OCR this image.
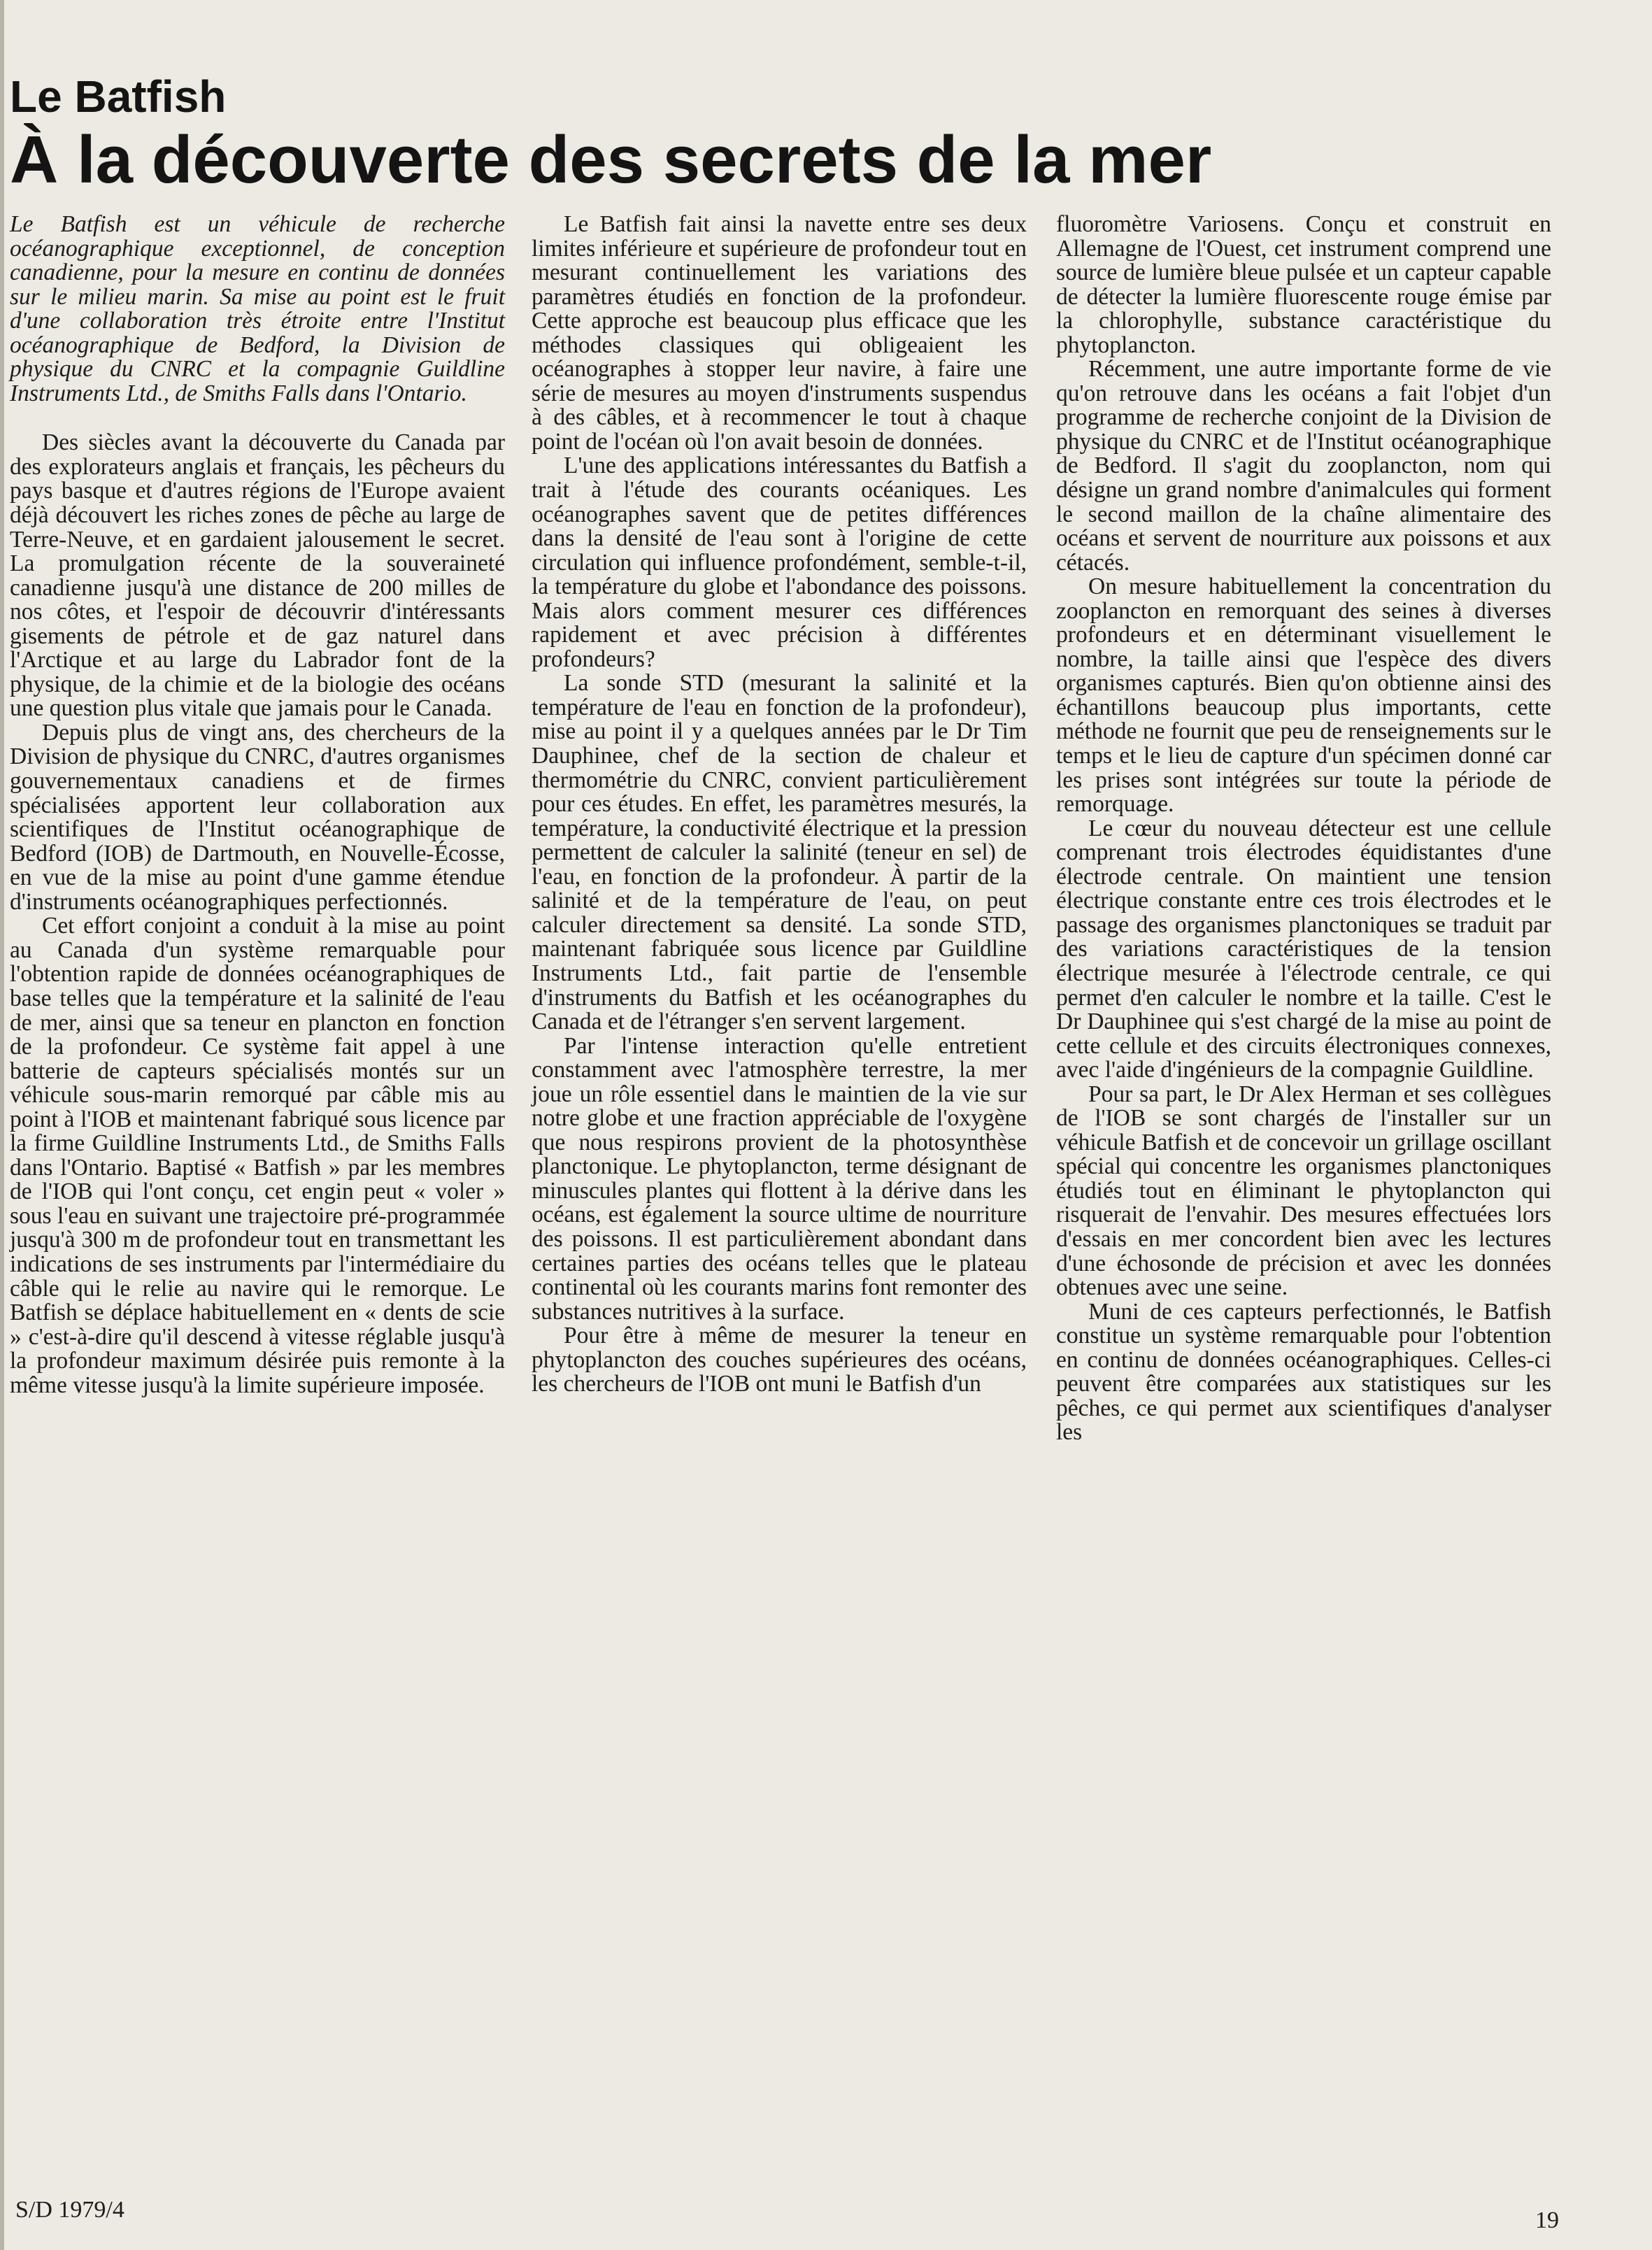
Le Batfish
À la découverte des secrets de la mer

Le Batfish est un véhicule de recherche océanographique exceptionnel, de conception canadienne, pour la mesure en continu de données sur le milieu marin. Sa mise au point est le fruit d'une collaboration très étroite entre l'Institut océanographique de Bedford, la Division de physique du CNRC et la compagnie Guildline Instruments Ltd., de Smiths Falls dans l'Ontario.

Des siècles avant la découverte du Canada par des explorateurs anglais et français, les pêcheurs du pays basque et d'autres régions de l'Europe avaient déjà découvert les riches zones de pêche au large de Terre-Neuve, et en gardaient jalousement le secret. La promulgation récente de la souveraineté canadienne jusqu'à une distance de 200 milles de nos côtes, et l'espoir de découvrir d'intéressants gisements de pétrole et de gaz naturel dans l'Arctique et au large du Labrador font de la physique, de la chimie et de la biologie des océans une question plus vitale que jamais pour le Canada.

Depuis plus de vingt ans, des chercheurs de la Division de physique du CNRC, d'autres organismes gouvernementaux canadiens et de firmes spécialisées apportent leur collaboration aux scientifiques de l'Institut océanographique de Bedford (IOB) de Dartmouth, en Nouvelle-Écosse, en vue de la mise au point d'une gamme étendue d'instruments océanographiques perfectionnés.

Cet effort conjoint a conduit à la mise au point au Canada d'un système remarquable pour l'obtention rapide de données océanographiques de base telles que la température et la salinité de l'eau de mer, ainsi que sa teneur en plancton en fonction de la profondeur. Ce système fait appel à une batterie de capteurs spécialisés montés sur un véhicule sous-marin remorqué par câble mis au point à l'IOB et maintenant fabriqué sous licence par la firme Guildline Instruments Ltd., de Smiths Falls dans l'Ontario. Baptisé « Batfish » par les membres de l'IOB qui l'ont conçu, cet engin peut « voler » sous l'eau en suivant une trajectoire pré-programmée jusqu'à 300 m de profondeur tout en transmettant les indications de ses instruments par l'intermédiaire du câble qui le relie au navire qui le remorque. Le Batfish se déplace habituellement en « dents de scie » c'est-à-dire qu'il descend à vitesse réglable jusqu'à la profondeur maximum désirée puis remonte à la même vitesse jusqu'à la limite supérieure imposée.

Le Batfish fait ainsi la navette entre ses deux limites inférieure et supérieure de profondeur tout en mesurant continuellement les variations des paramètres étudiés en fonction de la profondeur. Cette approche est beaucoup plus efficace que les méthodes classiques qui obligeaient les océanographes à stopper leur navire, à faire une série de mesures au moyen d'instruments suspendus à des câbles, et à recommencer le tout à chaque point de l'océan où l'on avait besoin de données.

L'une des applications intéressantes du Batfish a trait à l'étude des courants océaniques. Les océanographes savent que de petites différences dans la densité de l'eau sont à l'origine de cette circulation qui influence profondément, semble-t-il, la température du globe et l'abondance des poissons. Mais alors comment mesurer ces différences rapidement et avec précision à différentes profondeurs?

La sonde STD (mesurant la salinité et la température de l'eau en fonction de la profondeur), mise au point il y a quelques années par le Dr Tim Dauphinee, chef de la section de chaleur et thermométrie du CNRC, convient particulièrement pour ces études. En effet, les paramètres mesurés, la température, la conductivité électrique et la pression permettent de calculer la salinité (teneur en sel) de l'eau, en fonction de la profondeur. À partir de la salinité et de la température de l'eau, on peut calculer directement sa densité. La sonde STD, maintenant fabriquée sous licence par Guildline Instruments Ltd., fait partie de l'ensemble d'instruments du Batfish et les océanographes du Canada et de l'étranger s'en servent largement.

Par l'intense interaction qu'elle entretient constamment avec l'atmosphère terrestre, la mer joue un rôle essentiel dans le maintien de la vie sur notre globe et une fraction appréciable de l'oxygène que nous respirons provient de la photosynthèse planctonique. Le phytoplancton, terme désignant de minuscules plantes qui flottent à la dérive dans les océans, est également la source ultime de nourriture des poissons. Il est particulièrement abondant dans certaines parties des océans telles que le plateau continental où les courants marins font remonter des substances nutritives à la surface.

Pour être à même de mesurer la teneur en phytoplancton des couches supérieures des océans, les chercheurs de l'IOB ont muni le Batfish d'un

fluoromètre Variosens. Conçu et construit en Allemagne de l'Ouest, cet instrument comprend une source de lumière bleue pulsée et un capteur capable de détecter la lumière fluorescente rouge émise par la chlorophylle, substance caractéristique du phytoplancton.

Récemment, une autre importante forme de vie qu'on retrouve dans les océans a fait l'objet d'un programme de recherche conjoint de la Division de physique du CNRC et de l'Institut océanographique de Bedford. Il s'agit du zooplancton, nom qui désigne un grand nombre d'animalcules qui forment le second maillon de la chaîne alimentaire des océans et servent de nourriture aux poissons et aux cétacés.

On mesure habituellement la concentration du zooplancton en remorquant des seines à diverses profondeurs et en déterminant visuellement le nombre, la taille ainsi que l'espèce des divers organismes capturés. Bien qu'on obtienne ainsi des échantillons beaucoup plus importants, cette méthode ne fournit que peu de renseignements sur le temps et le lieu de capture d'un spécimen donné car les prises sont intégrées sur toute la période de remorquage.

Le cœur du nouveau détecteur est une cellule comprenant trois électrodes équidistantes d'une électrode centrale. On maintient une tension électrique constante entre ces trois électrodes et le passage des organismes planctoniques se traduit par des variations caractéristiques de la tension électrique mesurée à l'électrode centrale, ce qui permet d'en calculer le nombre et la taille. C'est le Dr Dauphinee qui s'est chargé de la mise au point de cette cellule et des circuits électroniques connexes, avec l'aide d'ingénieurs de la compagnie Guildline.

Pour sa part, le Dr Alex Herman et ses collègues de l'IOB se sont chargés de l'installer sur un véhicule Batfish et de concevoir un grillage oscillant spécial qui concentre les organismes planctoniques étudiés tout en éliminant le phytoplancton qui risquerait de l'envahir. Des mesures effectuées lors d'essais en mer concordent bien avec les lectures d'une échosonde de précision et avec les données obtenues avec une seine.

Muni de ces capteurs perfectionnés, le Batfish constitue un système remarquable pour l'obtention en continu de données océanographiques. Celles-ci peuvent être comparées aux statistiques sur les pêches, ce qui permet aux scientifiques d'analyser les

S/D 1979/4	19
